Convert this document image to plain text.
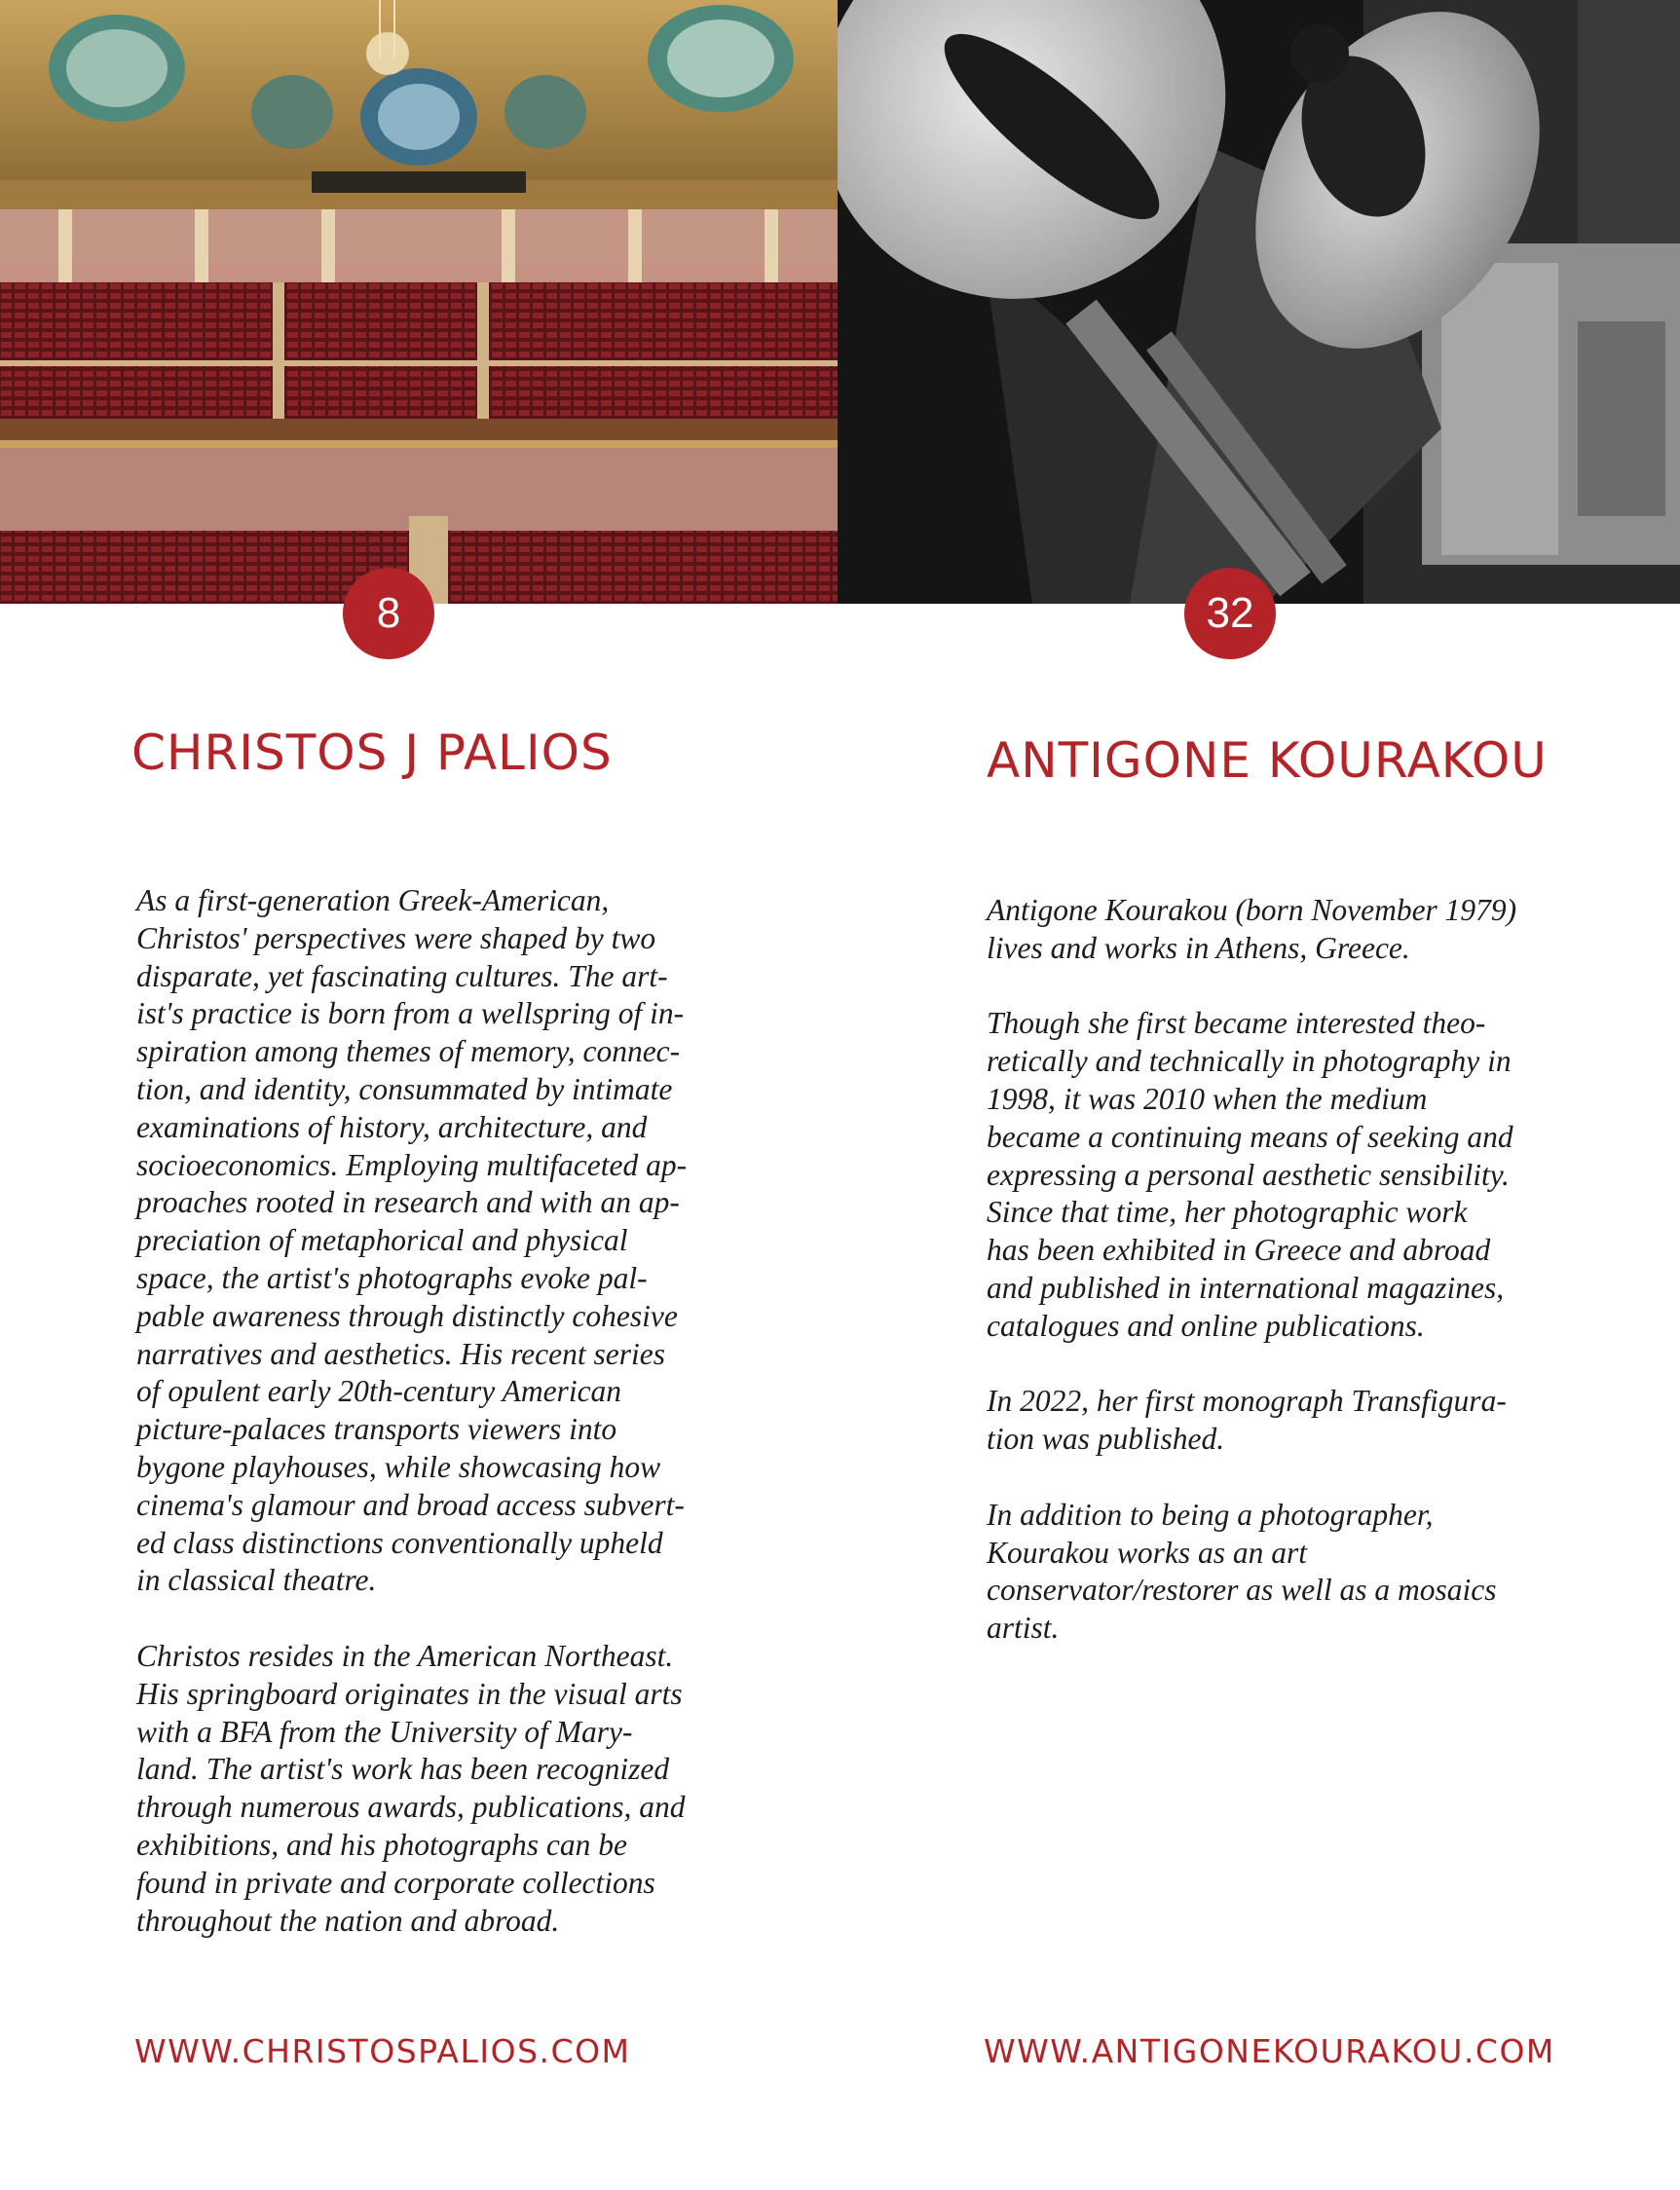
8	32
CHRISTOS J PALIOS	ANTIGONE KOURAKOU

As a first-generation Greek-American,
Christos' perspectives were shaped by two
disparate, yet fascinating cultures. The art-
ist's practice is born from a wellspring of in-
spiration among themes of memory, connec-
tion, and identity, consummated by intimate
examinations of history, architecture, and
socioeconomics. Employing multifaceted ap-
proaches rooted in research and with an ap-
preciation of metaphorical and physical
space, the artist's photographs evoke pal-
pable awareness through distinctly cohesive
narratives and aesthetics. His recent series
of opulent early 20th-century American
picture-palaces transports viewers into
bygone playhouses, while showcasing how
cinema's glamour and broad access subvert-
ed class distinctions conventionally upheld
in classical theatre.

Christos resides in the American Northeast.
His springboard originates in the visual arts
with a BFA from the University of Mary-
land. The artist's work has been recognized
through numerous awards, publications, and
exhibitions, and his photographs can be
found in private and corporate collections
throughout the nation and abroad.

Antigone Kourakou (born November 1979)
lives and works in Athens, Greece.

Though she first became interested theo-
retically and technically in photography in
1998, it was 2010 when the medium
became a continuing means of seeking and
expressing a personal aesthetic sensibility.
Since that time, her photographic work
has been exhibited in Greece and abroad
and published in international magazines,
catalogues and online publications.

In 2022, her first monograph Transfigura-
tion was published.

In addition to being a photographer,
Kourakou works as an art
conservator/restorer as well as a mosaics
artist.

WWW.CHRISTOSPALIOS.COM	WWW.ANTIGONEKOURAKOU.COM
